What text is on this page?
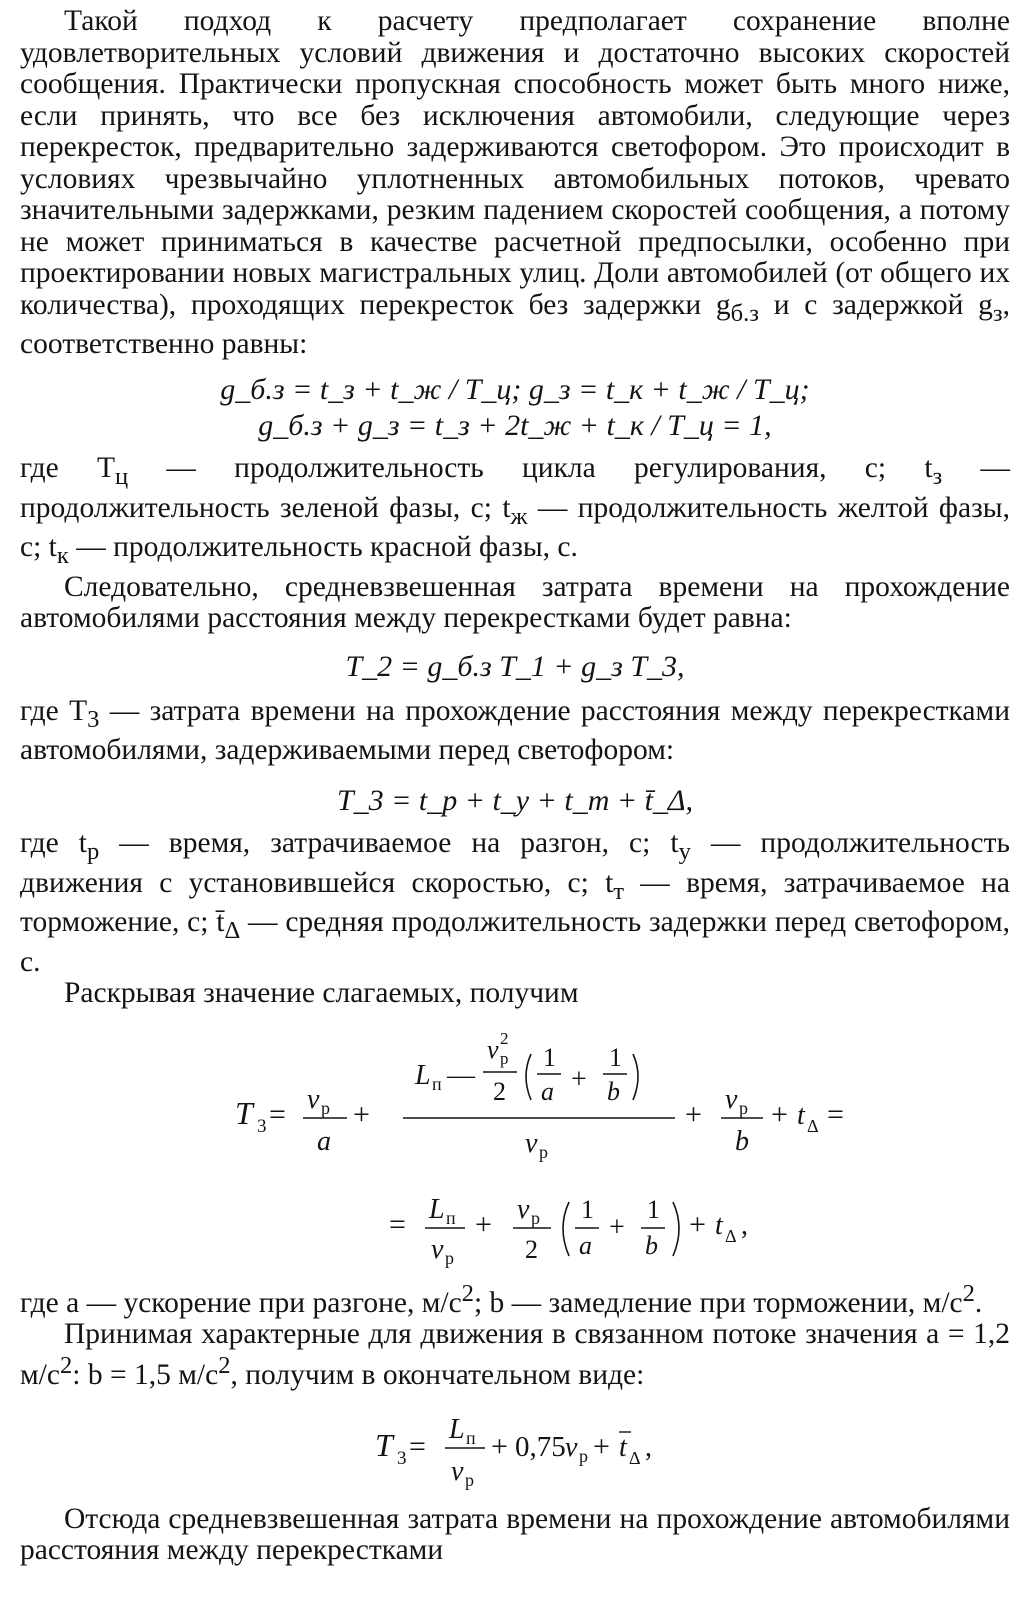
Такой подход к расчету предполагает сохранение вполне удовлетворительных условий движения и достаточно высоких скоростей сообщения. Практически пропускная способность может быть много ниже, если принять, что все без исключения автомобили, следующие через перекресток, предварительно задерживаются светофором. Это происходит в условиях чрезвычайно уплотненных автомобильных потоков, чревато значительными задержками, резким падением скоростей сообщения, а потому не может приниматься в качестве расчетной предпосылки, особенно при проектировании новых магистральных улиц. Доли автомобилей (от общего их количества), проходящих перекресток без задержки $g_{б.з}$ и с задержкой $g_з$, соответственно равны:

g_б.з = t_з + t_ж / T_ц; g_з = t_к + t_ж / T_ц;
g_б.з + g_з = t_з + 2t_ж + t_к / T_ц = 1,

где $T_ц$ — продолжительность цикла регулирования, с; $t_з$ — продолжительность зеленой фазы, с; $t_ж$ — продолжительность желтой фазы, с; $t_к$ — продолжительность красной фазы, с.

Следовательно, средневзвешенная затрата времени на прохождение автомобилями расстояния между перекрестками будет равна:

T_2 = g_б.з T_1 + g_з T_3,

где $T_3$ — затрата времени на прохождение расстояния между перекрестками автомобилями, задерживаемыми перед светофором:

T_3 = t_р + t_у + t_т + t̄_Δ,

где $t_р$ — время, затрачиваемое на разгон, с; $t_у$ — продолжительность движения с установившейся скоростью, с; $t_т$ — время, затрачиваемое на торможение, с; $t̄_\Delta$ — средняя продолжительность задержки перед светофором, с.

Раскрывая значение слагаемых, получим

T 3 = v р
a
+
L п —
v 2
р
2
1
a +
1
b
v р
+ v р
b
+ t Δ =
= L п
v р
+ v р
2
1
a
+
1
b
+ t Δ ,

где a — ускорение при разгоне, $м/с^2$; b — замедление при торможении, $м/с^2$.

Принимая характерные для движения в связанном потоке значения a = 1,2 $м/с^2$: b = 1,5 $м/с^2$, получим в окончательном виде:

T 3 =
L п
v р
+ 0,75 v р + t Δ ,

Отсюда средневзвешенная затрата времени на прохождение автомобилями расстояния между перекрестками
